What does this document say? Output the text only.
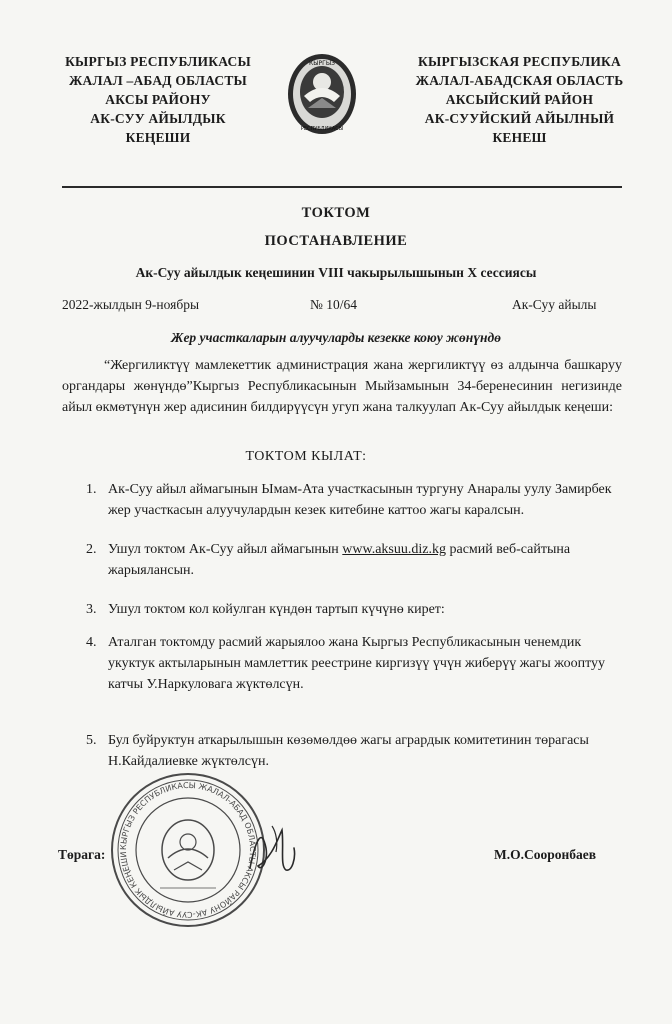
КЫРГЫЗ РЕСПУБЛИКАСЫ
ЖАЛАЛ –АБАД ОБЛАСТЫ
АКСЫ РАЙОНУ
АК-СУУ АЙЫЛДЫК
КЕҢЕШИ
КЫРГЫЗ
РЕСПУБЛИКАСЫ
КЫРГЫЗСКАЯ РЕСПУБЛИКА
ЖАЛАЛ-АБАДСКАЯ ОБЛАСТЬ
АКСЫЙСКИЙ РАЙОН
АК-СУУЙСКИЙ АЙЫЛНЫЙ
КЕНЕШ
ТОКТОМ
ПОСТАНАВЛЕНИЕ
Ак-Суу айылдык кеңешинин VIII чакырылышынын Х сессиясы
2022-жылдын 9-ноябры	№ 10/64	Ак-Суу айылы
Жер участкаларын алуучуларды кезекке коюу жөнүндө
“Жергиликтүү мамлекеттик администрация жана жергиликтүү өз алдынча башкаруу органдары жөнүндө”Кыргыз Республикасынын Мыйзамынын 34-беренесинин негизинде айыл өкмөтүнүн жер адисинин билдирүүсүн угуп жана талкуулап Ак-Суу айылдык кеңеши:
ТОКТОМ КЫЛАТ:
1. Ак-Суу айыл аймагынын Ымам-Ата участкасынын тургуну Анаралы уулу Замирбек жер участкасын алуучулардын кезек китебине каттоо жагы каралсын.
2. Ушул токтом Ак-Суу айыл аймагынын www.aksuu.diz.kg расмий веб-сайтына жарыялансын.
3. Ушул токтом кол койулган күндөн тартып күчүнө кирет:
4. Аталган токтомду расмий жарыялоо жана Кыргыз Республикасынын ченемдик укуктук актыларынын мамлеттик реестрине киргизүү үчүн жиберүү жагы жооптуу катчы У.Наркуловага жүктөлсүн.
5. Бул буйруктун аткарылышын көзөмөлдөө жагы агрардык комитетинин төрагасы Н.Кайдалиевке жүктөлсүн.
Төрага: КЫРГЫЗ РЕСПУБЛИКАСЫ ЖАЛАЛ-АБАД ОБЛАСТЫ АКСЫ РАЙОНУ АК-СУУ АЙЫЛДЫК КЕҢЕШИ	М.О.Сооронбаев
